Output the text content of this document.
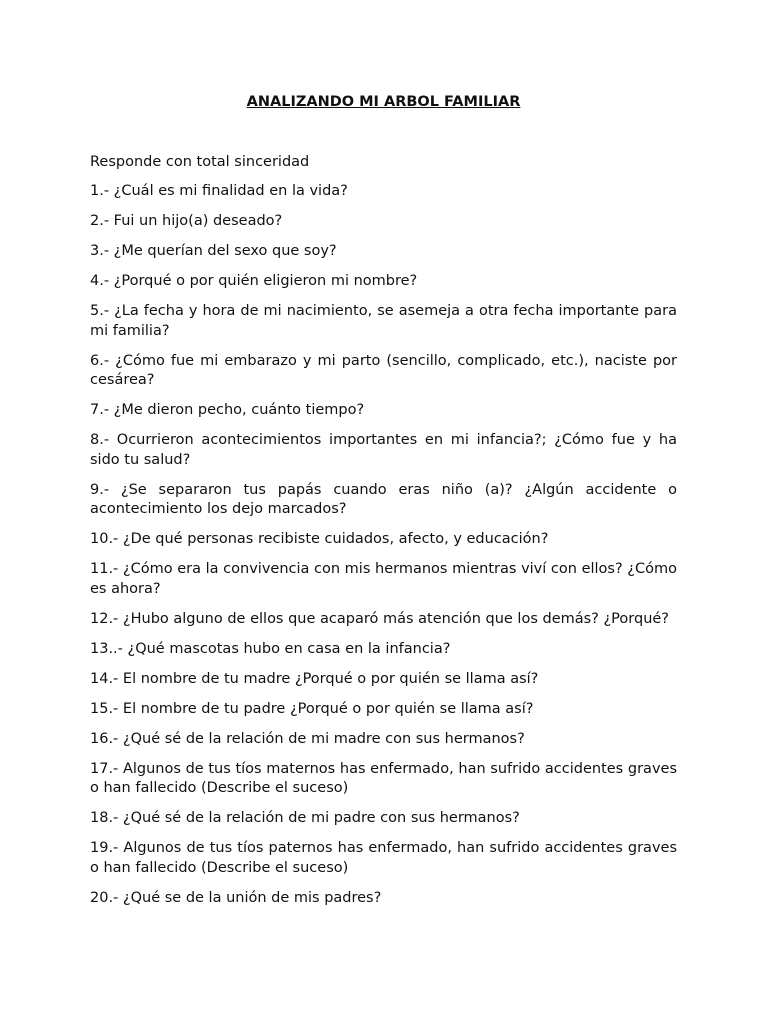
ANALIZANDO MI ARBOL FAMILIAR
Responde con total sinceridad
1.- ¿Cuál es mi finalidad en la vida?
2.- Fui un hijo(a) deseado?
3.- ¿Me querían del sexo que soy?
4.- ¿Porqué o por quién eligieron mi nombre?
5.- ¿La fecha y hora de mi nacimiento, se asemeja a otra fecha importante para mi familia?
6.- ¿Cómo fue mi embarazo y mi parto (sencillo, complicado, etc.), naciste por cesárea?
7.- ¿Me dieron pecho, cuánto tiempo?
8.- Ocurrieron acontecimientos importantes en mi infancia?; ¿Cómo fue y ha sido tu salud?
9.- ¿Se separaron tus papás cuando eras niño (a)? ¿Algún accidente o acontecimiento los dejo marcados?
10.- ¿De qué personas recibiste cuidados, afecto, y educación?
11.- ¿Cómo era la convivencia con mis hermanos mientras viví con ellos? ¿Cómo es ahora?
12.- ¿Hubo alguno de ellos que acaparó más atención que los demás? ¿Porqué?
13..- ¿Qué mascotas hubo en casa en la infancia?
14.- El nombre de tu madre ¿Porqué o por quién se llama así?
15.- El nombre de tu padre ¿Porqué o por quién se llama así?
16.- ¿Qué sé de la relación de mi madre con sus hermanos?
17.- Algunos de tus tíos maternos has enfermado, han sufrido accidentes graves o han fallecido (Describe el suceso)
18.- ¿Qué sé de la relación de mi padre con sus hermanos?
19.- Algunos de tus tíos paternos has enfermado, han sufrido accidentes graves o han fallecido (Describe el suceso)
20.- ¿Qué se de la unión de mis padres?
